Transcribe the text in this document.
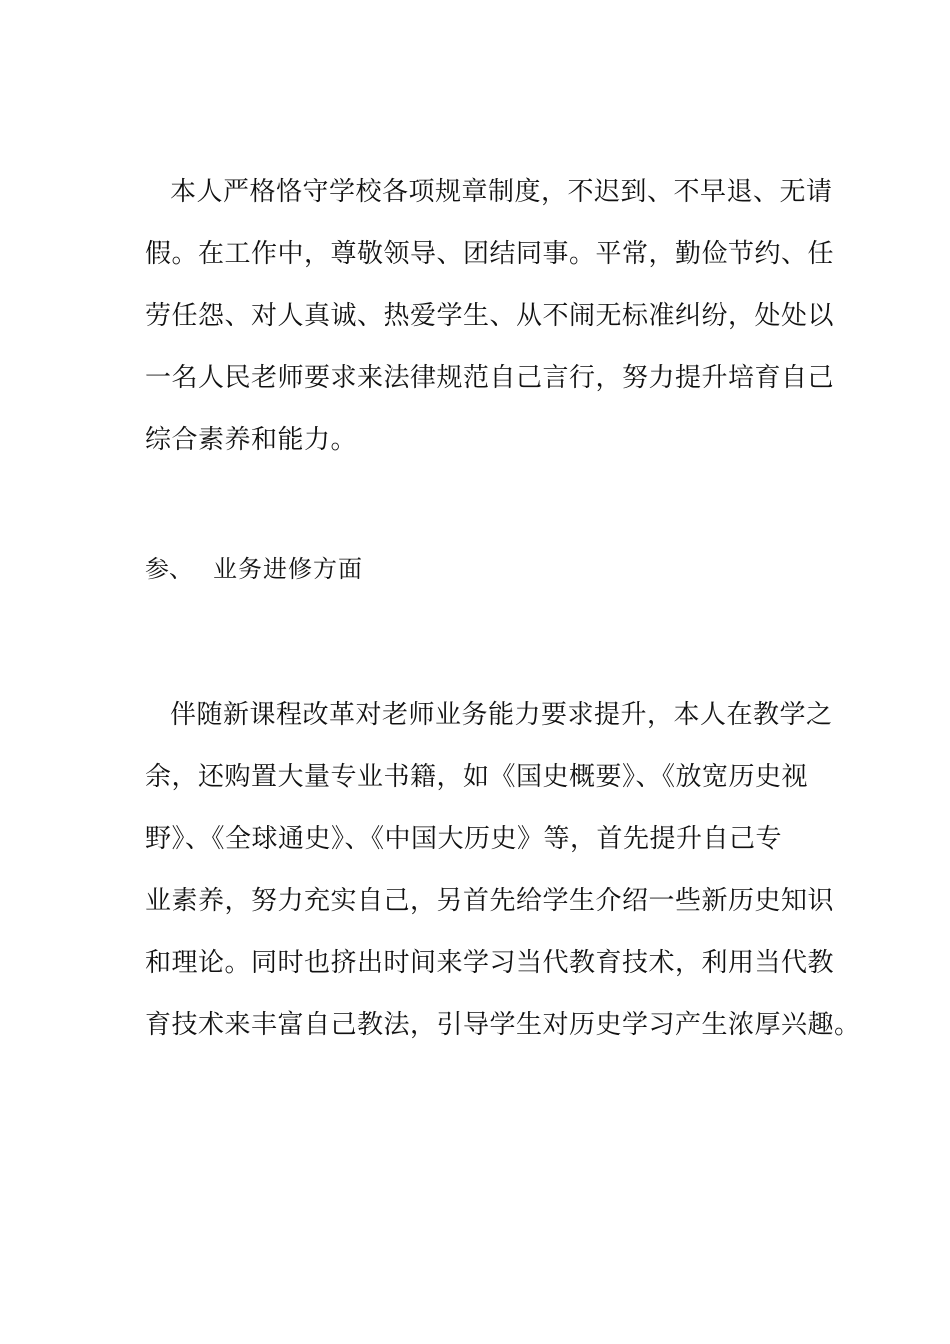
本人严格恪守学校各项规章制度，不迟到、不早退、无请
假。在工作中，尊敬领导、团结同事。平常，勤俭节约、任
劳任怨、对人真诚、热爱学生、从不闹无标准纠纷，处处以
一名人民老师要求来法律规范自己言行，努力提升培育自己
综合素养和能力。
参、 业务进修方面
伴随新课程改革对老师业务能力要求提升，本人在教学之
余，还购置大量专业书籍，如《国史概要》、《放宽历史视
野》、《全球通史》、《中国大历史》等，首先提升自己专
业素养，努力充实自己，另首先给学生介绍一些新历史知识
和理论。同时也挤出时间来学习当代教育技术，利用当代教
育技术来丰富自己教法，引导学生对历史学习产生浓厚兴趣。
